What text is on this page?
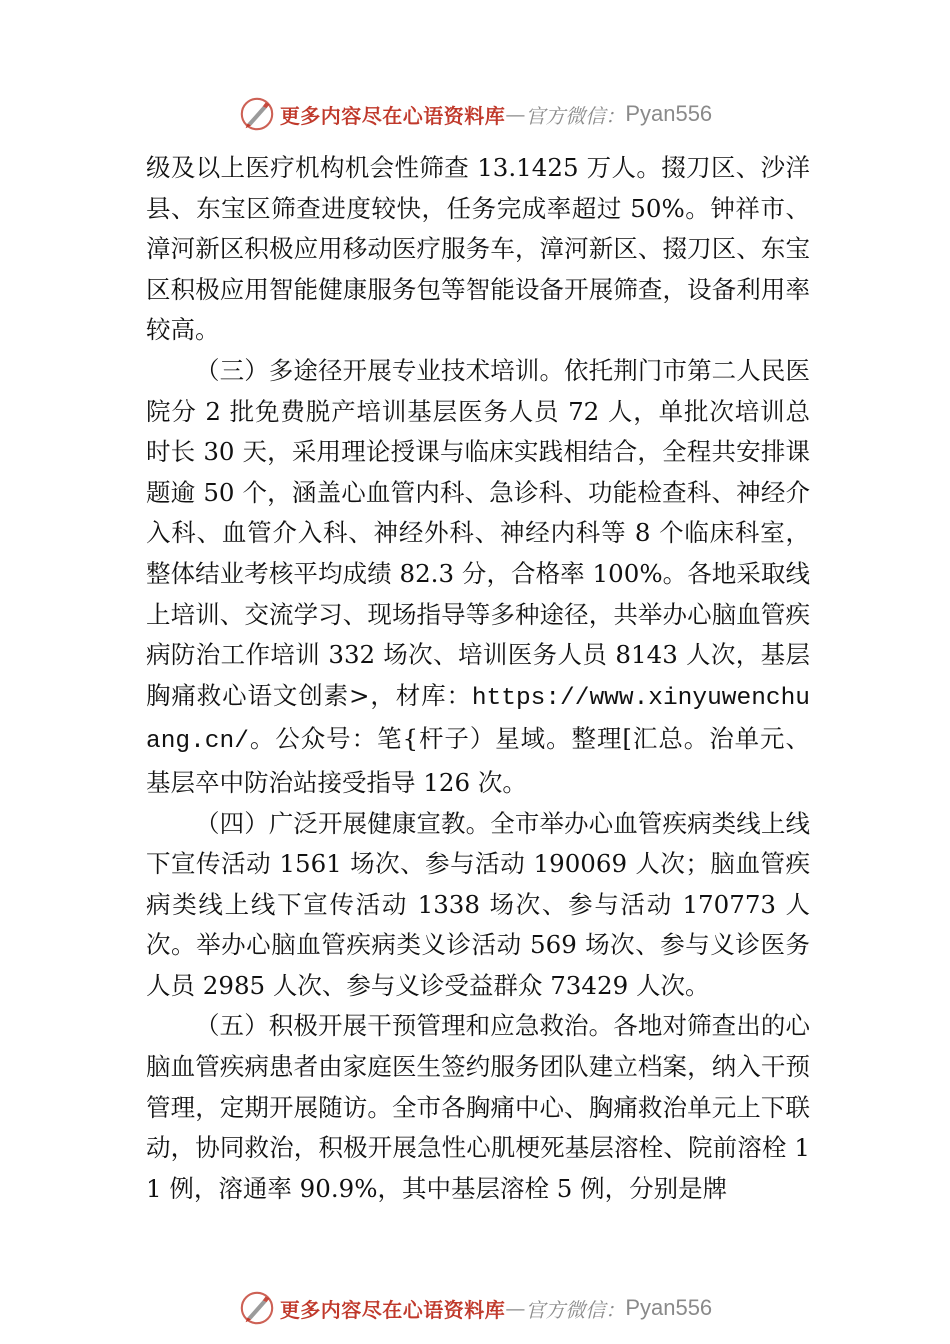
更多内容尽在心语资料库 — 官方微信： Pyan556

级及以上医疗机构机会性筛查 13.1425 万人。掇刀区、沙洋县、东宝区筛查进度较快，任务完成率超过 50%。钟祥市、漳河新区积极应用移动医疗服务车，漳河新区、掇刀区、东宝区积极应用智能健康服务包等智能设备开展筛查，设备利用率较高。

（三）多途径开展专业技术培训。依托荆门市第二人民医院分 2 批免费脱产培训基层医务人员 72 人，单批次培训总时长 30 天，采用理论授课与临床实践相结合，全程共安排课题逾 50 个，涵盖心血管内科、急诊科、功能检查科、神经介入科、血管介入科、神经外科、神经内科等 8 个临床科室，整体结业考核平均成绩 82.3 分，合格率 100%。各地采取线上培训、交流学习、现场指导等多种途径，共举办心脑血管疾病防治工作培训 332 场次、培训医务人员 8143 人次，基层胸痛救心语文创素>，材库：https://www.xinyuwenchuang.cn/。公众号：笔{杆子）星域。整理[汇总。治单元、基层卒中防治站接受指导 126 次。

（四）广泛开展健康宣教。全市举办心血管疾病类线上线下宣传活动 1561 场次、参与活动 190069 人次；脑血管疾病类线上线下宣传活动 1338 场次、参与活动 170773 人次。举办心脑血管疾病类义诊活动 569 场次、参与义诊医务人员 2985 人次、参与义诊受益群众 73429 人次。

（五）积极开展干预管理和应急救治。各地对筛查出的心脑血管疾病患者由家庭医生签约服务团队建立档案，纳入干预管理，定期开展随访。全市各胸痛中心、胸痛救治单元上下联动，协同救治，积极开展急性心肌梗死基层溶栓、院前溶栓 11 例，溶通率 90.9%，其中基层溶栓 5 例，分别是牌

更多内容尽在心语资料库 — 官方微信： Pyan556
